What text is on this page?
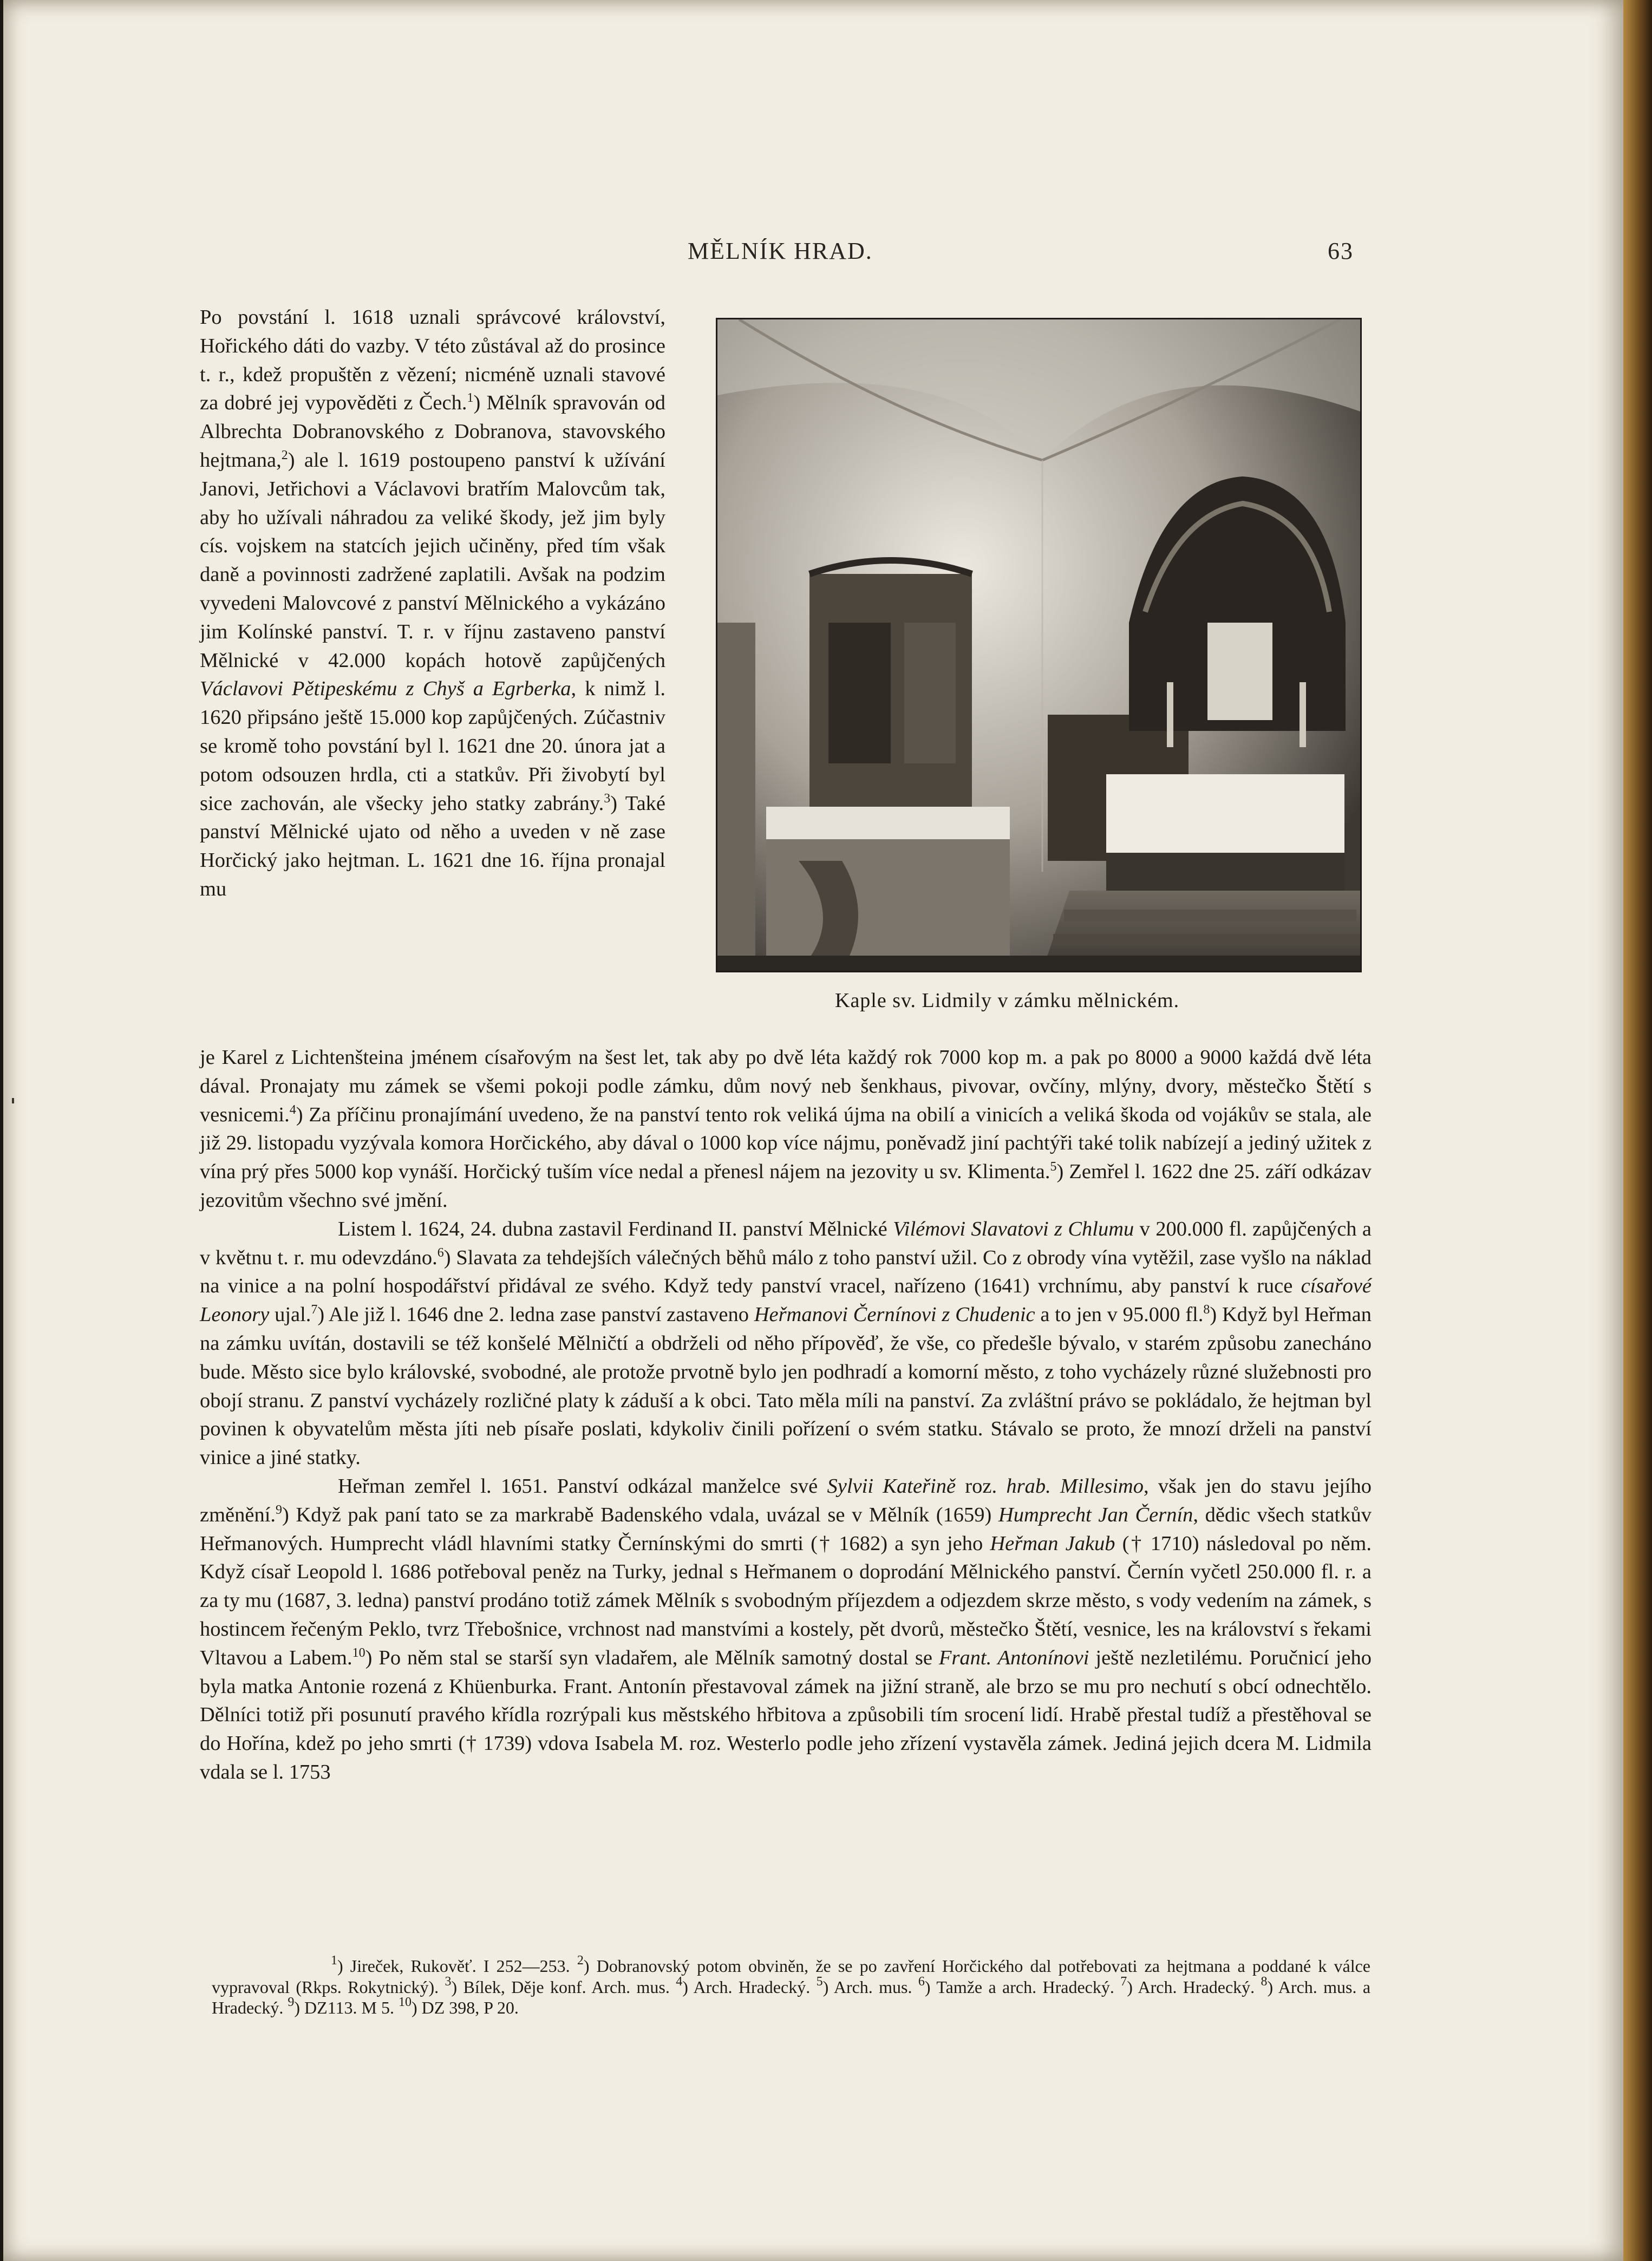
MĚLNÍK HRAD.	63

Po povstání l. 1618 uznali správcové království, Hořického dáti do vazby. V této zůstával až do prosince t. r., kdež propuštěn z vězení; nicméně uznali stavové za dobré jej vypověděti z Čech.$^1$) Mělník spravován od Albrechta Dobranovského z Dobranova, stavovského hejtmana,$^2$) ale l. 1619 postoupeno panství k užívání Janovi, Jetřichovi a Václavovi bratřím Malovcům tak, aby ho užívali náhradou za veliké škody, jež jim byly cís. vojskem na statcích jejich učiněny, před tím však daně a povinnosti zadržené zaplatili. Avšak na podzim vyvedeni Malovcové z panství Mělnického a vykázáno jim Kolínské panství. T. r. v říjnu zastaveno panství Mělnické v 42.000 kopách hotově zapůjčených Václavovi Pětipeskému z Chyš a Egrberka, k nimž l. 1620 připsáno ještě 15.000 kop zapůjčených. Zúčastniv se kromě toho povstání byl l. 1621 dne 20. února jat a potom odsouzen hrdla, cti a statkův. Při živobytí byl sice zachován, ale všecky jeho statky zabrány.$^3$) Také panství Mělnické ujato od něho a uveden v ně zase Horčický jako hejtman. L. 1621 dne 16. října pronajal mu

Kaple sv. Lidmily v zámku mělnickém.

je Karel z Lichtenšteina jménem císařovým na šest let, tak aby po dvě léta každý rok 7000 kop m. a pak po 8000 a 9000 každá dvě léta dával. Pronajaty mu zámek se všemi pokoji podle zámku, dům nový neb šenkhaus, pivovar, ovčíny, mlýny, dvory, městečko Štětí s vesnicemi.$^4$) Za příčinu pronajímání uvedeno, že na panství tento rok veliká újma na obilí a vinicích a veliká škoda od vojákův se stala, ale již 29. listopadu vyzývala komora Horčického, aby dával o 1000 kop více nájmu, poněvadž jiní pachtýři také tolik nabízejí a jediný užitek z vína prý přes 5000 kop vynáší. Horčický tuším více nedal a přenesl nájem na jezovity u sv. Klimenta.$^5$) Zemřel l. 1622 dne 25. září odkázav jezovitům všechno své jmění.

Listem l. 1624, 24. dubna zastavil Ferdinand II. panství Mělnické Vilémovi Slavatovi z Chlumu v 200.000 fl. zapůjčených a v květnu t. r. mu odevzdáno.$^6$) Slavata za tehdejších válečných běhů málo z toho panství užil. Co z obrody vína vytěžil, zase vyšlo na náklad na vinice a na polní hospodářství přidával ze svého. Když tedy panství vracel, nařízeno (1641) vrchnímu, aby panství k ruce císařové Leonory ujal.$^7$) Ale již l. 1646 dne 2. ledna zase panství zastaveno Heřmanovi Černínovi z Chudenic a to jen v 95.000 fl.$^8$) Když byl Heřman na zámku uvítán, dostavili se též konšelé Mělničtí a obdrželi od něho přípověď, že vše, co předešle bývalo, v starém způsobu zanecháno bude. Město sice bylo královské, svobodné, ale protože prvotně bylo jen podhradí a komorní město, z toho vycházely různé služebnosti pro obojí stranu. Z panství vycházely rozličné platy k záduší a k obci. Tato měla míli na panství. Za zvláštní právo se pokládalo, že hejtman byl povinen k obyvatelům města jíti neb písaře poslati, kdykoliv činili pořízení o svém statku. Stávalo se proto, že mnozí drželi na panství vinice a jiné statky.

Heřman zemřel l. 1651. Panství odkázal manželce své Sylvii Kateřině roz. hrab. Millesimo, však jen do stavu jejího změnění.$^9$) Když pak paní tato se za markrabě Badenského vdala, uvázal se v Mělník (1659) Humprecht Jan Černín, dědic všech statkův Heřmanových. Humprecht vládl hlavními statky Černínskými do smrti († 1682) a syn jeho Heřman Jakub († 1710) následoval po něm. Když císař Leopold l. 1686 potřeboval peněz na Turky, jednal s Heřmanem o doprodání Mělnického panství. Černín vyčetl 250.000 fl. r. a za ty mu (1687, 3. ledna) panství prodáno totiž zámek Mělník s svobodným příjezdem a odjezdem skrze město, s vody vedením na zámek, s hostincem řečeným Peklo, tvrz Třebošnice, vrchnost nad manstvími a kostely, pět dvorů, městečko Štětí, vesnice, les na království s řekami Vltavou a Labem.$^{10}$) Po něm stal se starší syn vladařem, ale Mělník samotný dostal se Frant. Antonínovi ještě nezletilému. Poručnicí jeho byla matka Antonie rozená z Khüenburka. Frant. Antonín přestavoval zámek na jižní straně, ale brzo se mu pro nechutí s obcí odnechtělo. Dělníci totiž při posunutí pravého křídla rozrýpali kus městského hřbitova a způsobili tím srocení lidí. Hrabě přestal tudíž a přestěhoval se do Hořína, kdež po jeho smrti († 1739) vdova Isabela M. roz. Westerlo podle jeho zřízení vystavěla zámek. Jediná jejich dcera M. Lidmila vdala se l. 1753

$^1$) Jireček, Rukověť. I 252—253. $^2$) Dobranovský potom obviněn, že se po zavření Horčického dal potřebovati za hejtmana a poddané k válce vypravoval (Rkps. Rokytnický). $^3$) Bílek, Děje konf. Arch. mus. $^4$) Arch. Hradecký. $^5$) Arch. mus. $^6$) Tamže a arch. Hradecký. $^7$) Arch. Hradecký. $^8$) Arch. mus. a Hradecký. $^9$) DZ113. M 5. $^{10}$) DZ 398, P 20.
